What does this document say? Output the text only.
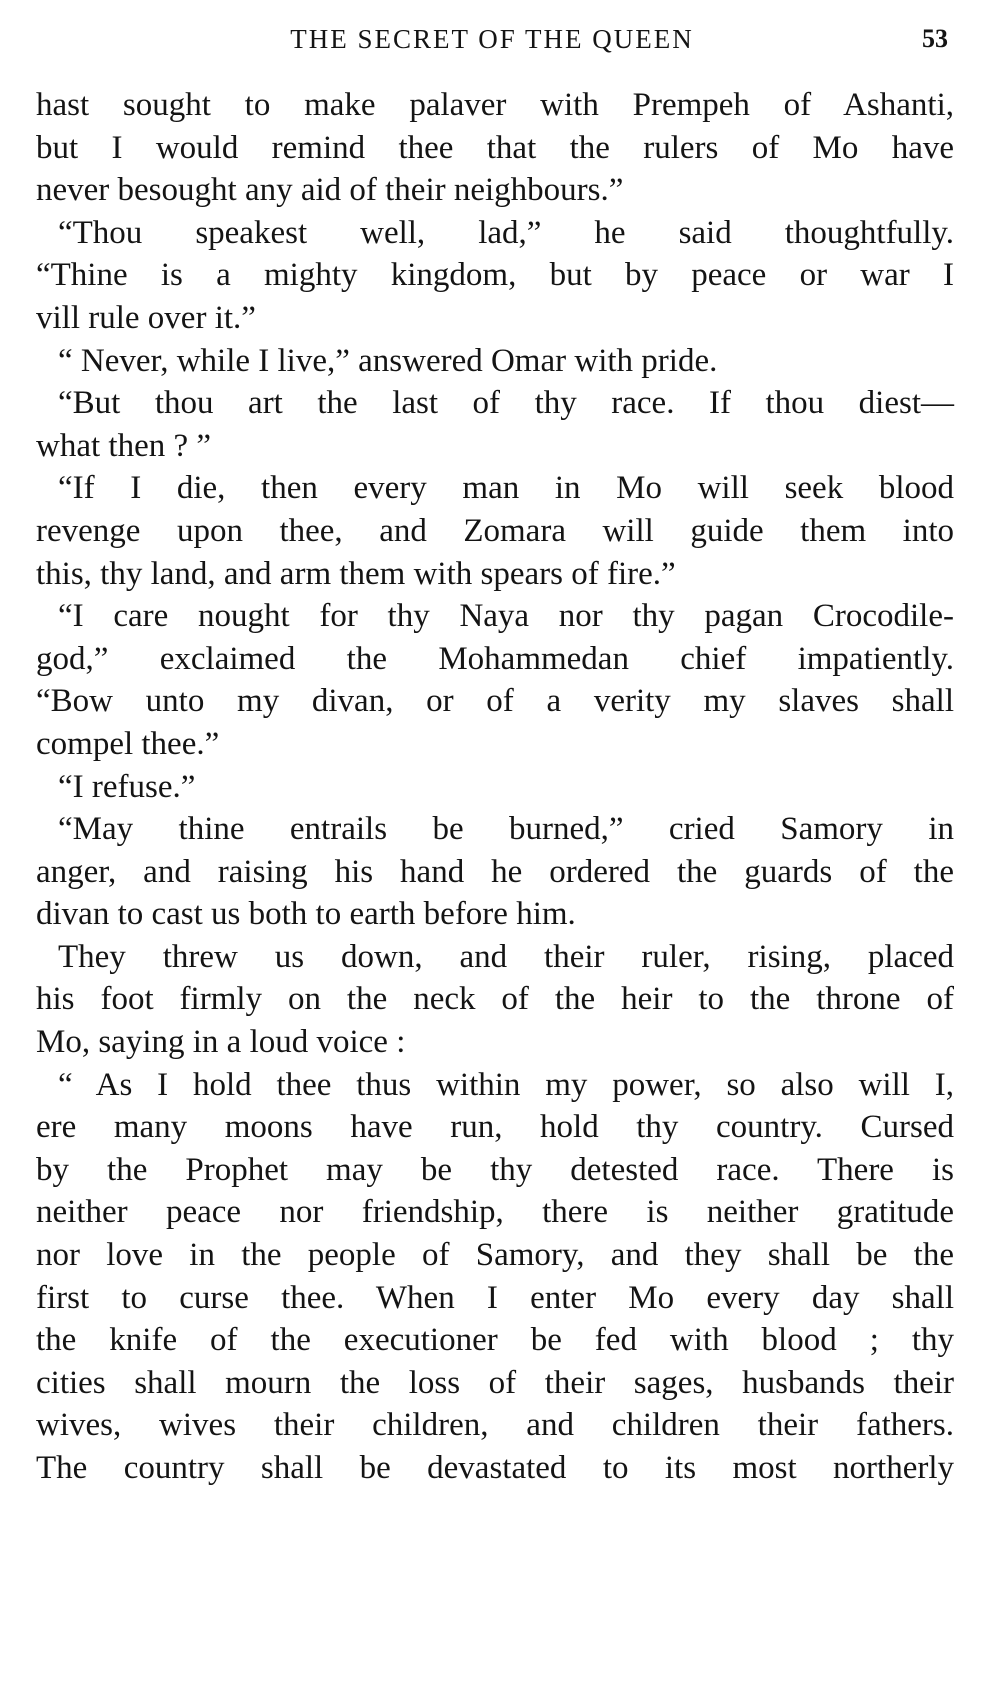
THE SECRET OF THE QUEEN	53
hast sought to make palaver with Prempeh of Ashanti,
but I would remind thee that the rulers of Mo have
never besought any aid of their neighbours.”
“Thou speakest well, lad,” he said thoughtfully.
“Thine is a mighty kingdom, but by peace or war I
vill rule over it.”
“ Never, while I live,” answered Omar with pride.
“But thou art the last of thy race. If thou diest—
what then ? ”
“If I die, then every man in Mo will seek blood
revenge upon thee, and Zomara will guide them into
this, thy land, and arm them with spears of fire.”
“I care nought for thy Naya nor thy pagan Crocodile-
god,” exclaimed the Mohammedan chief impatiently.
“Bow unto my divan, or of a verity my slaves shall
compel thee.”
“I refuse.”
“May thine entrails be burned,” cried Samory in
anger, and raising his hand he ordered the guards of the
divan to cast us both to earth before him.
They threw us down, and their ruler, rising, placed
his foot firmly on the neck of the heir to the throne of
Mo, saying in a loud voice :
“ As I hold thee thus within my power, so also will I,
ere many moons have run, hold thy country. Cursed
by the Prophet may be thy detested race. There is
neither peace nor friendship, there is neither gratitude
nor love in the people of Samory, and they shall be the
first to curse thee. When I enter Mo every day shall
the knife of the executioner be fed with blood ; thy
cities shall mourn the loss of their sages, husbands their
wives, wives their children, and children their fathers.
The country shall be devastated to its most northerly
